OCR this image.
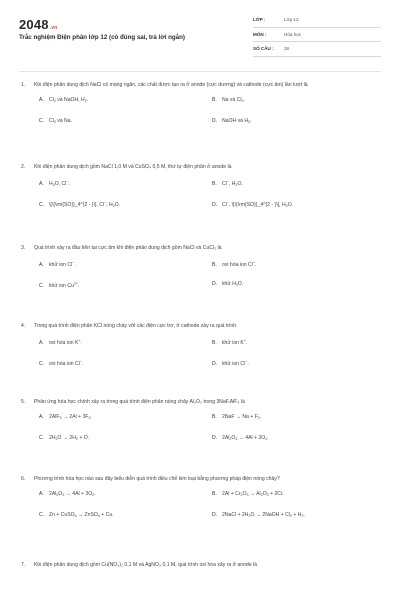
2048.vn
Trắc nghiệm Điện phân lớp 12 (có đúng sai, trả lời ngắn)
LỚP :	Lớp 12
MÔN :	Hóa học
SỐ CÂU :	28
1.	Khi điện phân dung dịch NaCl có màng ngăn, các chất được tạo ra ở anode (cực dương) và cathode (cực âm) lần lượt là
A. $Cl_2$ và NaOH, $H_2$.	B. Na và $Cl_2$.
C. $Cl_2$ và Na.	D. NaOH và $H_2$.
2.	Khi điện phân dung dịch gồm NaCl 1,0 M và CuSO₄ 0,5 M, thứ tự điện phân ở anode là
A. $H_2O$, Cl−.	B. Cl−, $H_2O$.
C. \[\{\rm{SO}}_4^{2 - }\], Cl−, $H_2O$.	D. Cl−, \[\{\rm{SO}}_4^{2 - }\], $H_2O$.
3.	Quá trình xảy ra đầu tiên tại cực âm khi điện phân dung dịch gồm NaCl và CuCl₂ là
A. khử ion Cl−.	B. oxi hóa ion Cl−.
C. khử ion $Cu^{2+}$.	D. khử $H_2O$.
4.	Trong quá trình điện phân KCl nóng chảy với các điện cực trơ, ở cathode xảy ra quá trình
A. oxi hóa ion K+.	B. khử ion K+.
C. oxi hóa ion Cl−.	D. khử ion Cl−.
5.	Phản ứng hóa học chính xảy ra trong quá trình điện phân nóng chảy Al₂O₃ trong 3NaF.AlF₃ là
A. $2AlF_3 \to 2Al + 3F_2$.	B. $2NaF \to Na + F_2$.
C. $2H_2O \to 2H_2 + O$.	D. $2Al_2O_3 \to 4Al + 3O_2$.
6.	Phương trình hóa học nào sau đây biểu diễn quá trình điều chế kim loại bằng phương pháp điện nóng chảy?
A. $2Al_2O_3 \to 4Al + 3O_2$.	B. $2Al + Cr_2O_3 \to Al_2O_3 + 2Cr$.
C. Zn + CuSO$_4$ → ZnSO$_4$ + Cu.	D. 2NaCl + $2H_2O$ → 2NaOH + $Cl_2 + H_2$.
7.	Khi điện phân dung dịch gồm Cu(NO₃)₂ 0,1 M và AgNO₃ 0,1 M, quá trình oxi hóa xảy ra ở anode là
